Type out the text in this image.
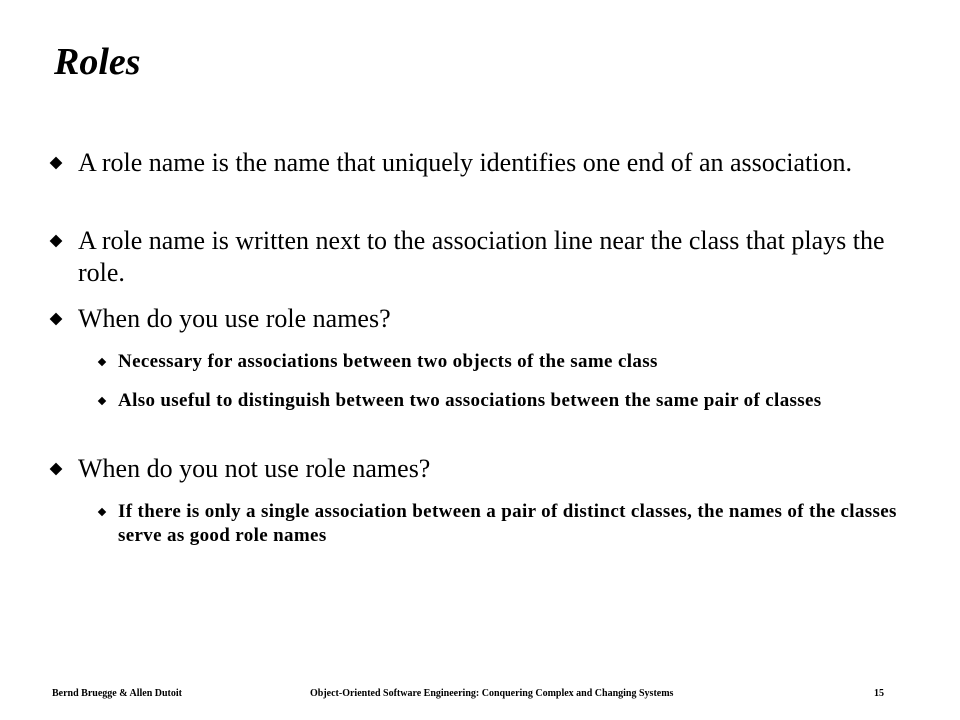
Roles
A role name is the name that uniquely identifies one end of an association.
A role name is written next to the association line near the class that plays the role.
When do you use role names?
Necessary for associations between two objects of the same class
Also useful to distinguish between two associations between the same pair of classes
When do you not use role names?
If there is only a single association between a pair of distinct classes, the names of the classes serve as good role names
Bernd Bruegge & Allen Dutoit	Object-Oriented Software Engineering: Conquering Complex and Changing Systems	15
